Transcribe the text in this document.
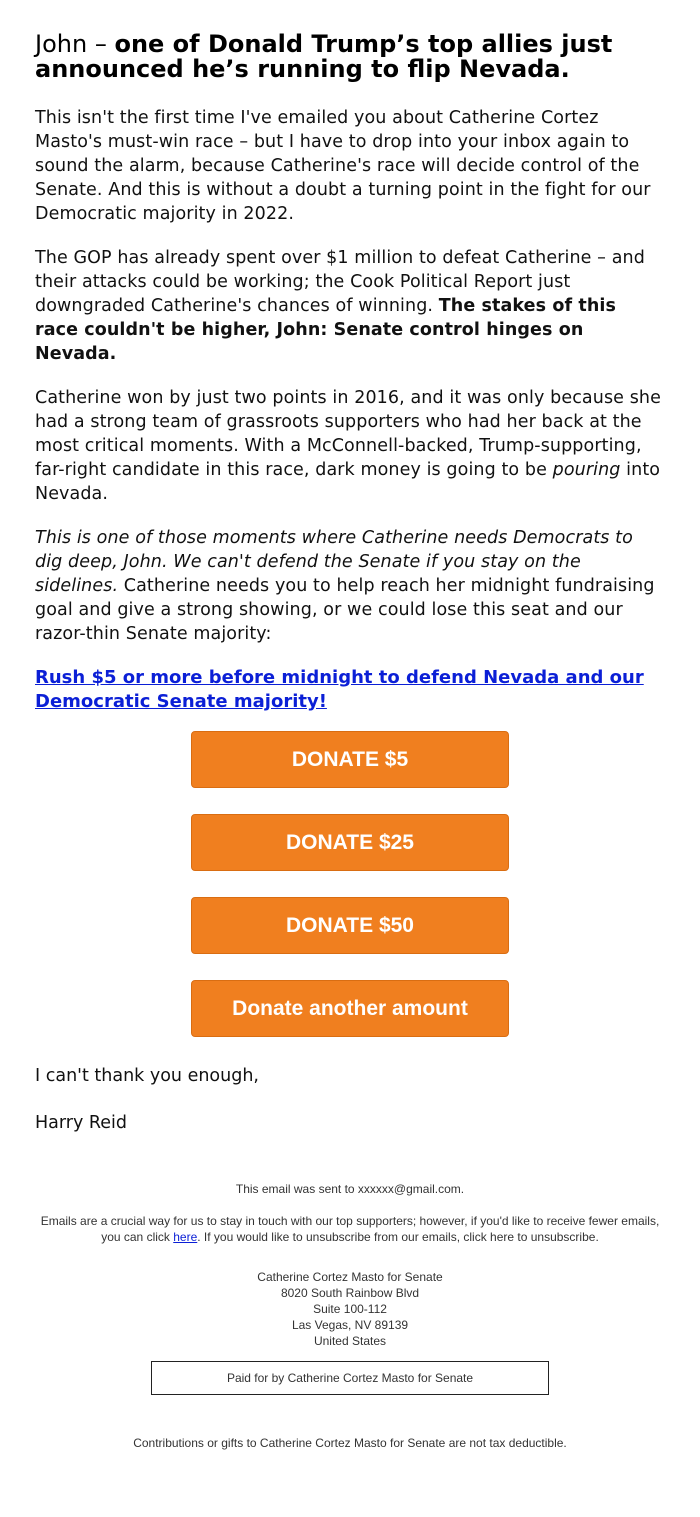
John – one of Donald Trump’s top allies just announced he’s running to flip Nevada.

This isn't the first time I've emailed you about Catherine Cortez Masto's must-win race – but I have to drop into your inbox again to sound the alarm, because Catherine's race will decide control of the Senate. And this is without a doubt a turning point in the fight for our Democratic majority in 2022.

The GOP has already spent over $1 million to defeat Catherine – and their attacks could be working; the Cook Political Report just downgraded Catherine's chances of winning. The stakes of this race couldn't be higher, John: Senate control hinges on Nevada.

Catherine won by just two points in 2016, and it was only because she had a strong team of grassroots supporters who had her back at the most critical moments. With a McConnell-backed, Trump-supporting, far-right candidate in this race, dark money is going to be pouring into Nevada.

This is one of those moments where Catherine needs Democrats to dig deep, John. We can't defend the Senate if you stay on the sidelines. Catherine needs you to help reach her midnight fundraising goal and give a strong showing, or we could lose this seat and our razor-thin Senate majority:

Rush $5 or more before midnight to defend Nevada and our Democratic Senate majority!
DONATE $5
DONATE $25
DONATE $50
Donate another amount
I can't thank you enough,
Harry Reid
This email was sent to xxxxxx@gmail.com.
Emails are a crucial way for us to stay in touch with our top supporters; however, if you'd like to receive fewer emails, you can click here. If you would like to unsubscribe from our emails, click here to unsubscribe.
Catherine Cortez Masto for Senate
8020 South Rainbow Blvd
Suite 100-112
Las Vegas, NV 89139
United States
Paid for by Catherine Cortez Masto for Senate
Contributions or gifts to Catherine Cortez Masto for Senate are not tax deductible.
